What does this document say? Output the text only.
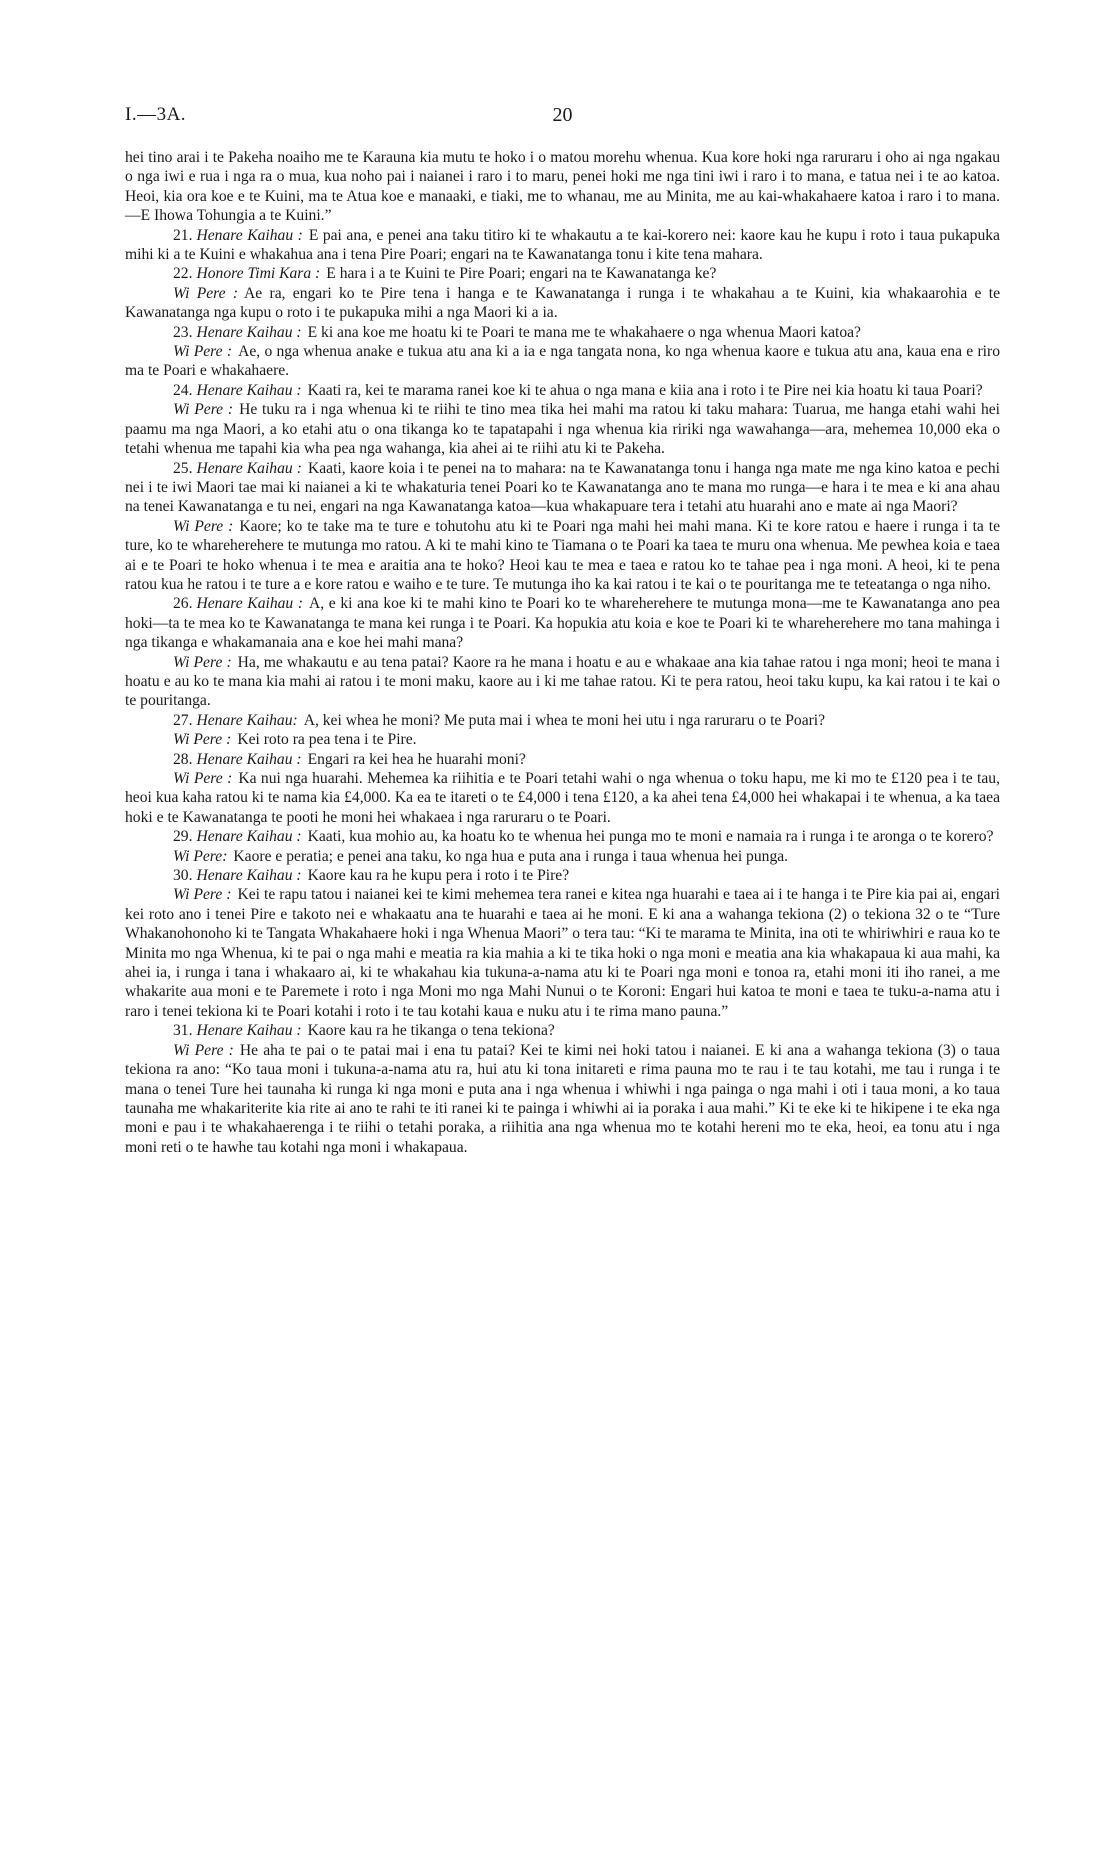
I.—3A.	20

hei tino arai i te Pakeha noaiho me te Karauna kia mutu te hoko i o matou morehu whenua. Kua kore hoki nga raruraru i oho ai nga ngakau o nga iwi e rua i nga ra o mua, kua noho pai i naianei i raro i to maru, penei hoki me nga tini iwi i raro i to mana, e tatua nei i te ao katoa. Heoi, kia ora koe e te Kuini, ma te Atua koe e manaaki, e tiaki, me to whanau, me au Minita, me au kai-whakahaere katoa i raro i to mana.—E Ihowa Tohungia a te Kuini.”

21. Henare Kaihau : E pai ana, e penei ana taku titiro ki te whakautu a te kai-korero nei: kaore kau he kupu i roto i taua pukapuka mihi ki a te Kuini e whakahua ana i tena Pire Poari; engari na te Kawanatanga tonu i kite tena mahara.

22. Honore Timi Kara : E hara i a te Kuini te Pire Poari; engari na te Kawanatanga ke?

Wi Pere : Ae ra, engari ko te Pire tena i hanga e te Kawanatanga i runga i te whakahau a te Kuini, kia whakaarohia e te Kawanatanga nga kupu o roto i te pukapuka mihi a nga Maori ki a ia.

23. Henare Kaihau : E ki ana koe me hoatu ki te Poari te mana me te whakahaere o nga whenua Maori katoa?

Wi Pere : Ae, o nga whenua anake e tukua atu ana ki a ia e nga tangata nona, ko nga whenua kaore e tukua atu ana, kaua ena e riro ma te Poari e whakahaere.

24. Henare Kaihau : Kaati ra, kei te marama ranei koe ki te ahua o nga mana e kiia ana i roto i te Pire nei kia hoatu ki taua Poari?

Wi Pere : He tuku ra i nga whenua ki te riihi te tino mea tika hei mahi ma ratou ki taku mahara: Tuarua, me hanga etahi wahi hei paamu ma nga Maori, a ko etahi atu o ona tikanga ko te tapatapahi i nga whenua kia ririki nga wawahanga—ara, mehemea 10,000 eka o tetahi whenua me tapahi kia wha pea nga wahanga, kia ahei ai te riihi atu ki te Pakeha.

25. Henare Kaihau : Kaati, kaore koia i te penei na to mahara: na te Kawanatanga tonu i hanga nga mate me nga kino katoa e pechi nei i te iwi Maori tae mai ki naianei a ki te whakaturia tenei Poari ko te Kawanatanga ano te mana mo runga—e hara i te mea e ki ana ahau na tenei Kawanatanga e tu nei, engari na nga Kawanatanga katoa—kua whakapuare tera i tetahi atu huarahi ano e mate ai nga Maori?

Wi Pere : Kaore; ko te take ma te ture e tohutohu atu ki te Poari nga mahi hei mahi mana. Ki te kore ratou e haere i runga i ta te ture, ko te whareherehere te mutunga mo ratou. A ki te mahi kino te Tiamana o te Poari ka taea te muru ona whenua. Me pewhea koia e taea ai e te Poari te hoko whenua i te mea e araitia ana te hoko? Heoi kau te mea e taea e ratou ko te tahae pea i nga moni. A heoi, ki te pena ratou kua he ratou i te ture a e kore ratou e waiho e te ture. Te mutunga iho ka kai ratou i te kai o te pouritanga me te teteatanga o nga niho.

26. Henare Kaihau : A, e ki ana koe ki te mahi kino te Poari ko te whareherehere te mutunga mona—me te Kawanatanga ano pea hoki—ta te mea ko te Kawanatanga te mana kei runga i te Poari. Ka hopukia atu koia e koe te Poari ki te whareherehere mo tana mahinga i nga tikanga e whakamanaia ana e koe hei mahi mana?

Wi Pere : Ha, me whakautu e au tena patai? Kaore ra he mana i hoatu e au e whakaae ana kia tahae ratou i nga moni; heoi te mana i hoatu e au ko te mana kia mahi ai ratou i te moni maku, kaore au i ki me tahae ratou. Ki te pera ratou, heoi taku kupu, ka kai ratou i te kai o te pouritanga.

27. Henare Kaihau: A, kei whea he moni? Me puta mai i whea te moni hei utu i nga raruraru o te Poari?

Wi Pere : Kei roto ra pea tena i te Pire.

28. Henare Kaihau : Engari ra kei hea he huarahi moni?

Wi Pere : Ka nui nga huarahi. Mehemea ka riihitia e te Poari tetahi wahi o nga whenua o toku hapu, me ki mo te £120 pea i te tau, heoi kua kaha ratou ki te nama kia £4,000. Ka ea te itareti o te £4,000 i tena £120, a ka ahei tena £4,000 hei whakapai i te whenua, a ka taea hoki e te Kawanatanga te pooti he moni hei whakaea i nga raruraru o te Poari.

29. Henare Kaihau : Kaati, kua mohio au, ka hoatu ko te whenua hei punga mo te moni e namaia ra i runga i te aronga o te korero?

Wi Pere: Kaore e peratia; e penei ana taku, ko nga hua e puta ana i runga i taua whenua hei punga.

30. Henare Kaihau : Kaore kau ra he kupu pera i roto i te Pire?

Wi Pere : Kei te rapu tatou i naianei kei te kimi mehemea tera ranei e kitea nga huarahi e taea ai i te hanga i te Pire kia pai ai, engari kei roto ano i tenei Pire e takoto nei e whakaatu ana te huarahi e taea ai he moni. E ki ana a wahanga tekiona (2) o tekiona 32 o te “Ture Whakanohonoho ki te Tangata Whakahaere hoki i nga Whenua Maori” o tera tau: “Ki te marama te Minita, ina oti te whiriwhiri e raua ko te Minita mo nga Whenua, ki te pai o nga mahi e meatia ra kia mahia a ki te tika hoki o nga moni e meatia ana kia whakapaua ki aua mahi, ka ahei ia, i runga i tana i whakaaro ai, ki te whakahau kia tukuna-a-nama atu ki te Poari nga moni e tonoa ra, etahi moni iti iho ranei, a me whakarite aua moni e te Paremete i roto i nga Moni mo nga Mahi Nunui o te Koroni: Engari hui katoa te moni e taea te tuku-a-nama atu i raro i tenei tekiona ki te Poari kotahi i roto i te tau kotahi kaua e nuku atu i te rima mano pauna.”

31. Henare Kaihau : Kaore kau ra he tikanga o tena tekiona?

Wi Pere : He aha te pai o te patai mai i ena tu patai? Kei te kimi nei hoki tatou i naianei. E ki ana a wahanga tekiona (3) o taua tekiona ra ano: “Ko taua moni i tukuna-a-nama atu ra, hui atu ki tona initareti e rima pauna mo te rau i te tau kotahi, me tau i runga i te mana o tenei Ture hei taunaha ki runga ki nga moni e puta ana i nga whenua i whiwhi i nga painga o nga mahi i oti i taua moni, a ko taua taunaha me whakariterite kia rite ai ano te rahi te iti ranei ki te painga i whiwhi ai ia poraka i aua mahi.” Ki te eke ki te hikipene i te eka nga moni e pau i te whakahaerenga i te riihi o tetahi poraka, a riihitia ana nga whenua mo te kotahi hereni mo te eka, heoi, ea tonu atu i nga moni reti o te hawhe tau kotahi nga moni i whakapaua.
